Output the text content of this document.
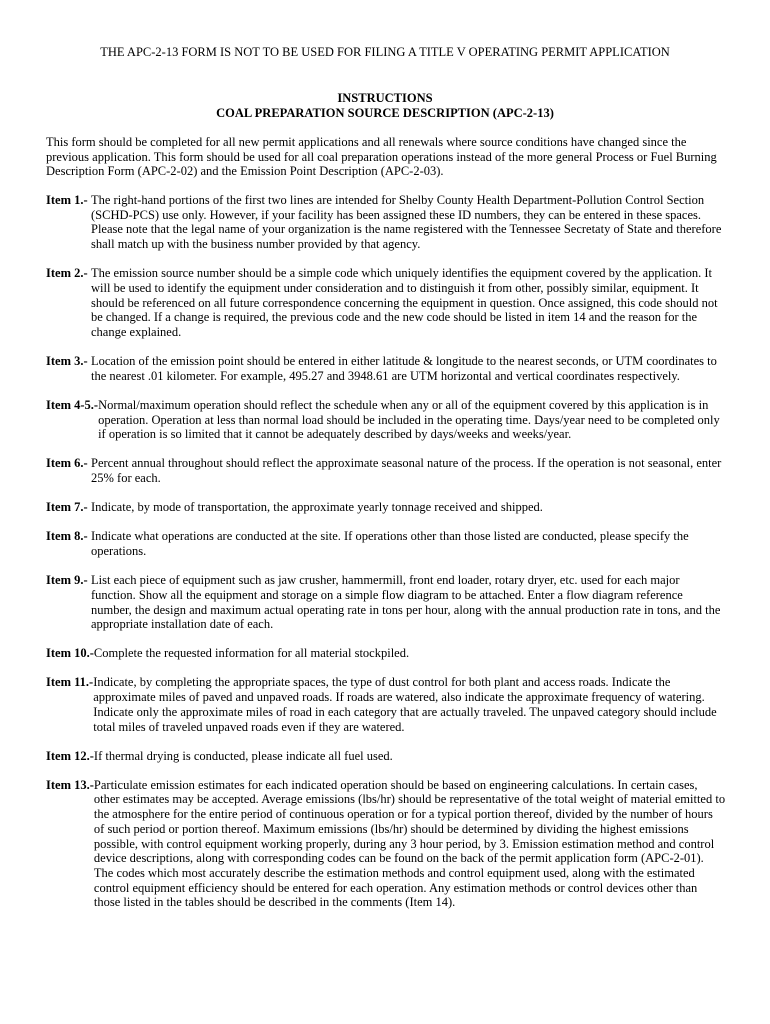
THE APC-2-13 FORM IS NOT TO BE USED FOR FILING A TITLE V OPERATING PERMIT APPLICATION
INSTRUCTIONS
COAL PREPARATION SOURCE DESCRIPTION (APC-2-13)
This form should be completed for all new permit applications and all renewals where source conditions have changed since the previous application. This form should be used for all coal preparation operations instead of the more general Process or Fuel Burning Description Form (APC-2-02) and the Emission Point Description (APC-2-03).
Item 1.- The right-hand portions of the first two lines are intended for Shelby County Health Department-Pollution Control Section (SCHD-PCS) use only. However, if your facility has been assigned these ID numbers, they can be entered in these spaces. Please note that the legal name of your organization is the name registered with the Tennessee Secretaty of State and therefore shall match up with the business number provided by that agency.
Item 2.- The emission source number should be a simple code which uniquely identifies the equipment covered by the application. It will be used to identify the equipment under consideration and to distinguish it from other, possibly similar, equipment. It should be referenced on all future correspondence concerning the equipment in question. Once assigned, this code should not be changed. If a change is required, the previous code and the new code should be listed in item 14 and the reason for the change explained.
Item 3.- Location of the emission point should be entered in either latitude & longitude to the nearest seconds, or UTM coordinates to the nearest .01 kilometer. For example, 495.27 and 3948.61 are UTM horizontal and vertical coordinates respectively.
Item 4-5.- Normal/maximum operation should reflect the schedule when any or all of the equipment covered by this application is in operation. Operation at less than normal load should be included in the operating time. Days/year need to be completed only if operation is so limited that it cannot be adequately described by days/weeks and weeks/year.
Item 6.- Percent annual throughout should reflect the approximate seasonal nature of the process. If the operation is not seasonal, enter 25% for each.
Item 7.- Indicate, by mode of transportation, the approximate yearly tonnage received and shipped.
Item 8.- Indicate what operations are conducted at the site. If operations other than those listed are conducted, please specify the operations.
Item 9.- List each piece of equipment such as jaw crusher, hammermill, front end loader, rotary dryer, etc. used for each major function. Show all the equipment and storage on a simple flow diagram to be attached. Enter a flow diagram reference number, the design and maximum actual operating rate in tons per hour, along with the annual production rate in tons, and the appropriate installation date of each.
Item 10.- Complete the requested information for all material stockpiled.
Item 11.- Indicate, by completing the appropriate spaces, the type of dust control for both plant and access roads. Indicate the approximate miles of paved and unpaved roads. If roads are watered, also indicate the approximate frequency of watering. Indicate only the approximate miles of road in each category that are actually traveled. The unpaved category should include total miles of traveled unpaved roads even if they are watered.
Item 12.- If thermal drying is conducted, please indicate all fuel used.
Item 13.- Particulate emission estimates for each indicated operation should be based on engineering calculations. In certain cases, other estimates may be accepted. Average emissions (lbs/hr) should be representative of the total weight of material emitted to the atmosphere for the entire period of continuous operation or for a typical portion thereof, divided by the number of hours of such period or portion thereof. Maximum emissions (lbs/hr) should be determined by dividing the highest emissions possible, with control equipment working properly, during any 3 hour period, by 3. Emission estimation method and control device descriptions, along with corresponding codes can be found on the back of the permit application form (APC-2-01). The codes which most accurately describe the estimation methods and control equipment used, along with the estimated control equipment efficiency should be entered for each operation. Any estimation methods or control devices other than those listed in the tables should be described in the comments (Item 14).
